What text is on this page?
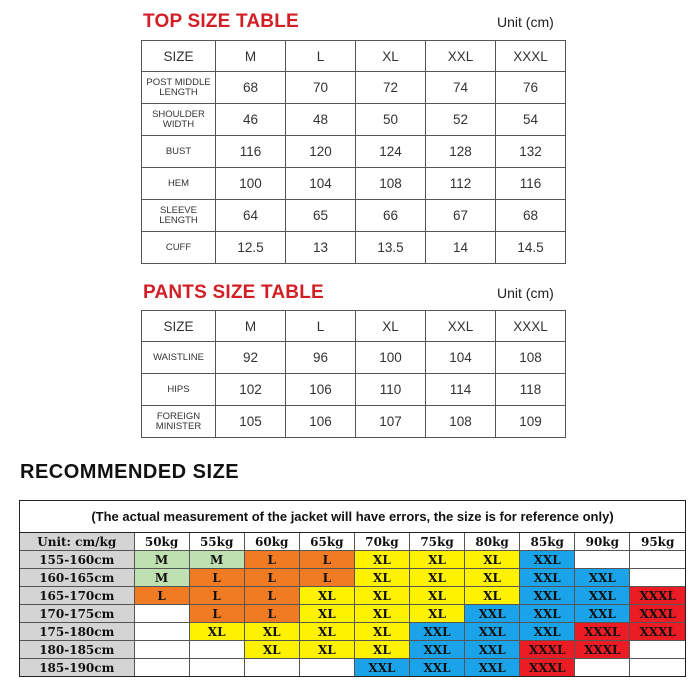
TOP SIZE TABLE	Unit (cm)
SIZE	M	L	XL	XXL	XXXL

POST MIDDLE
LENGTH	68	70	72	74	76

SHOULDER
WIDTH	46	48	50	52	54

BUST	116	120	124	128	132

HEM	100	104	108	112	116

SLEEVE
LENGTH	64	65	66	67	68

CUFF	12.5	13	13.5	14	14.5
PANTS SIZE TABLE	Unit (cm)
SIZE	M	L	XL	XXL	XXXL

WAISTLINE	92	96	100	104	108

HIPS	102	106	110	114	118

FOREIGN
MINISTER	105	106	107	108	109
RECOMMENDED SIZE
(The actual measurement of the jacket will have errors, the size is for reference only)
Unit: cm/kg	50kg	55kg	60kg	65kg	70kg	75kg	80kg	85kg	90kg	95kg
155-160cm	M	M	L	L	XL	XL	XL	XXL		
160-165cm	M	L	L	L	XL	XL	XL	XXL	XXL	
165-170cm	L	L	L	XL	XL	XL	XL	XXL	XXL	XXXL
170-175cm		L	L	XL	XL	XL	XXL	XXL	XXL	XXXL
175-180cm		XL	XL	XL	XL	XXL	XXL	XXL	XXXL	XXXL
180-185cm			XL	XL	XL	XXL	XXL	XXXL	XXXL	
185-190cm					XXL	XXL	XXL	XXXL		
